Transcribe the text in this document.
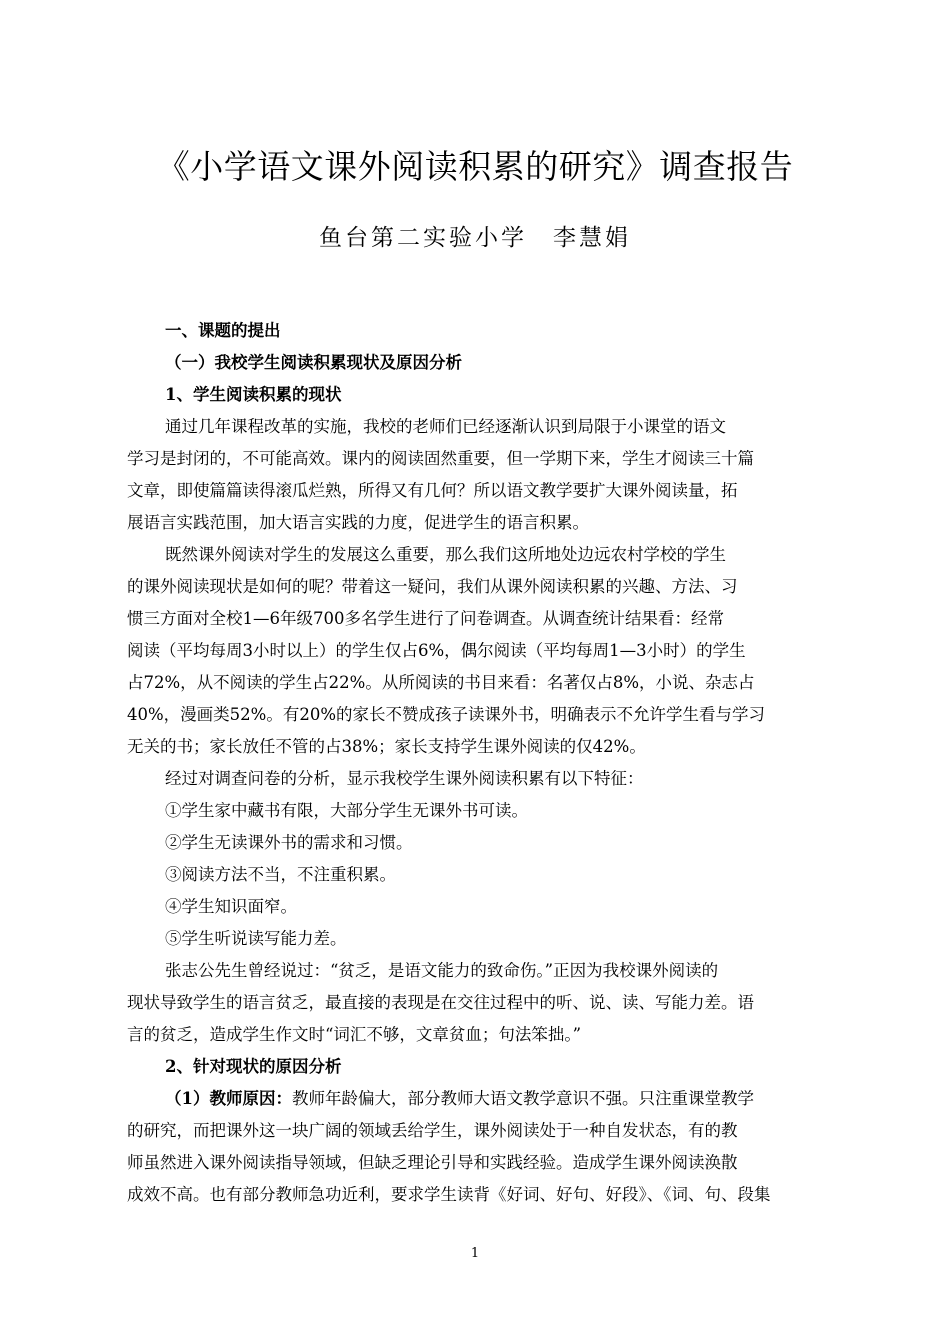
《小学语文课外阅读积累的研究》调查报告
鱼台第二实验小学　李慧娟
一、课题的提出
（一）我校学生阅读积累现状及原因分析
1、学生阅读积累的现状
通过几年课程改革的实施，我校的老师们已经逐渐认识到局限于小课堂的语文
学习是封闭的，不可能高效。课内的阅读固然重要，但一学期下来，学生才阅读三十篇
文章，即使篇篇读得滚瓜烂熟，所得又有几何？所以语文教学要扩大课外阅读量，拓
展语言实践范围，加大语言实践的力度，促进学生的语言积累。
既然课外阅读对学生的发展这么重要，那么我们这所地处边远农村学校的学生
的课外阅读现状是如何的呢？带着这一疑问，我们从课外阅读积累的兴趣、方法、习
惯三方面对全校1—6年级700多名学生进行了问卷调查。从调查统计结果看：经常
阅读（平均每周3小时以上）的学生仅占6%，偶尔阅读（平均每周1—3小时）的学生
占72%，从不阅读的学生占22%。从所阅读的书目来看：名著仅占8%，小说、杂志占
40%，漫画类52%。有20%的家长不赞成孩子读课外书，明确表示不允许学生看与学习
无关的书；家长放任不管的占38%；家长支持学生课外阅读的仅42%。
经过对调查问卷的分析，显示我校学生课外阅读积累有以下特征：
①学生家中藏书有限，大部分学生无课外书可读。
②学生无读课外书的需求和习惯。
③阅读方法不当，不注重积累。
④学生知识面窄。
⑤学生听说读写能力差。
张志公先生曾经说过：“贫乏，是语文能力的致命伤。”正因为我校课外阅读的
现状导致学生的语言贫乏，最直接的表现是在交往过程中的听、说、读、写能力差。语
言的贫乏，造成学生作文时“词汇不够，文章贫血；句法笨拙。”
2、针对现状的原因分析
（1）教师原因：教师年龄偏大，部分教师大语文教学意识不强。只注重课堂教学
的研究，而把课外这一块广阔的领域丢给学生，课外阅读处于一种自发状态，有的教
师虽然进入课外阅读指导领域，但缺乏理论引导和实践经验。造成学生课外阅读涣散
成效不高。也有部分教师急功近利，要求学生读背《好词、好句、好段》、《词、句、段集
1
